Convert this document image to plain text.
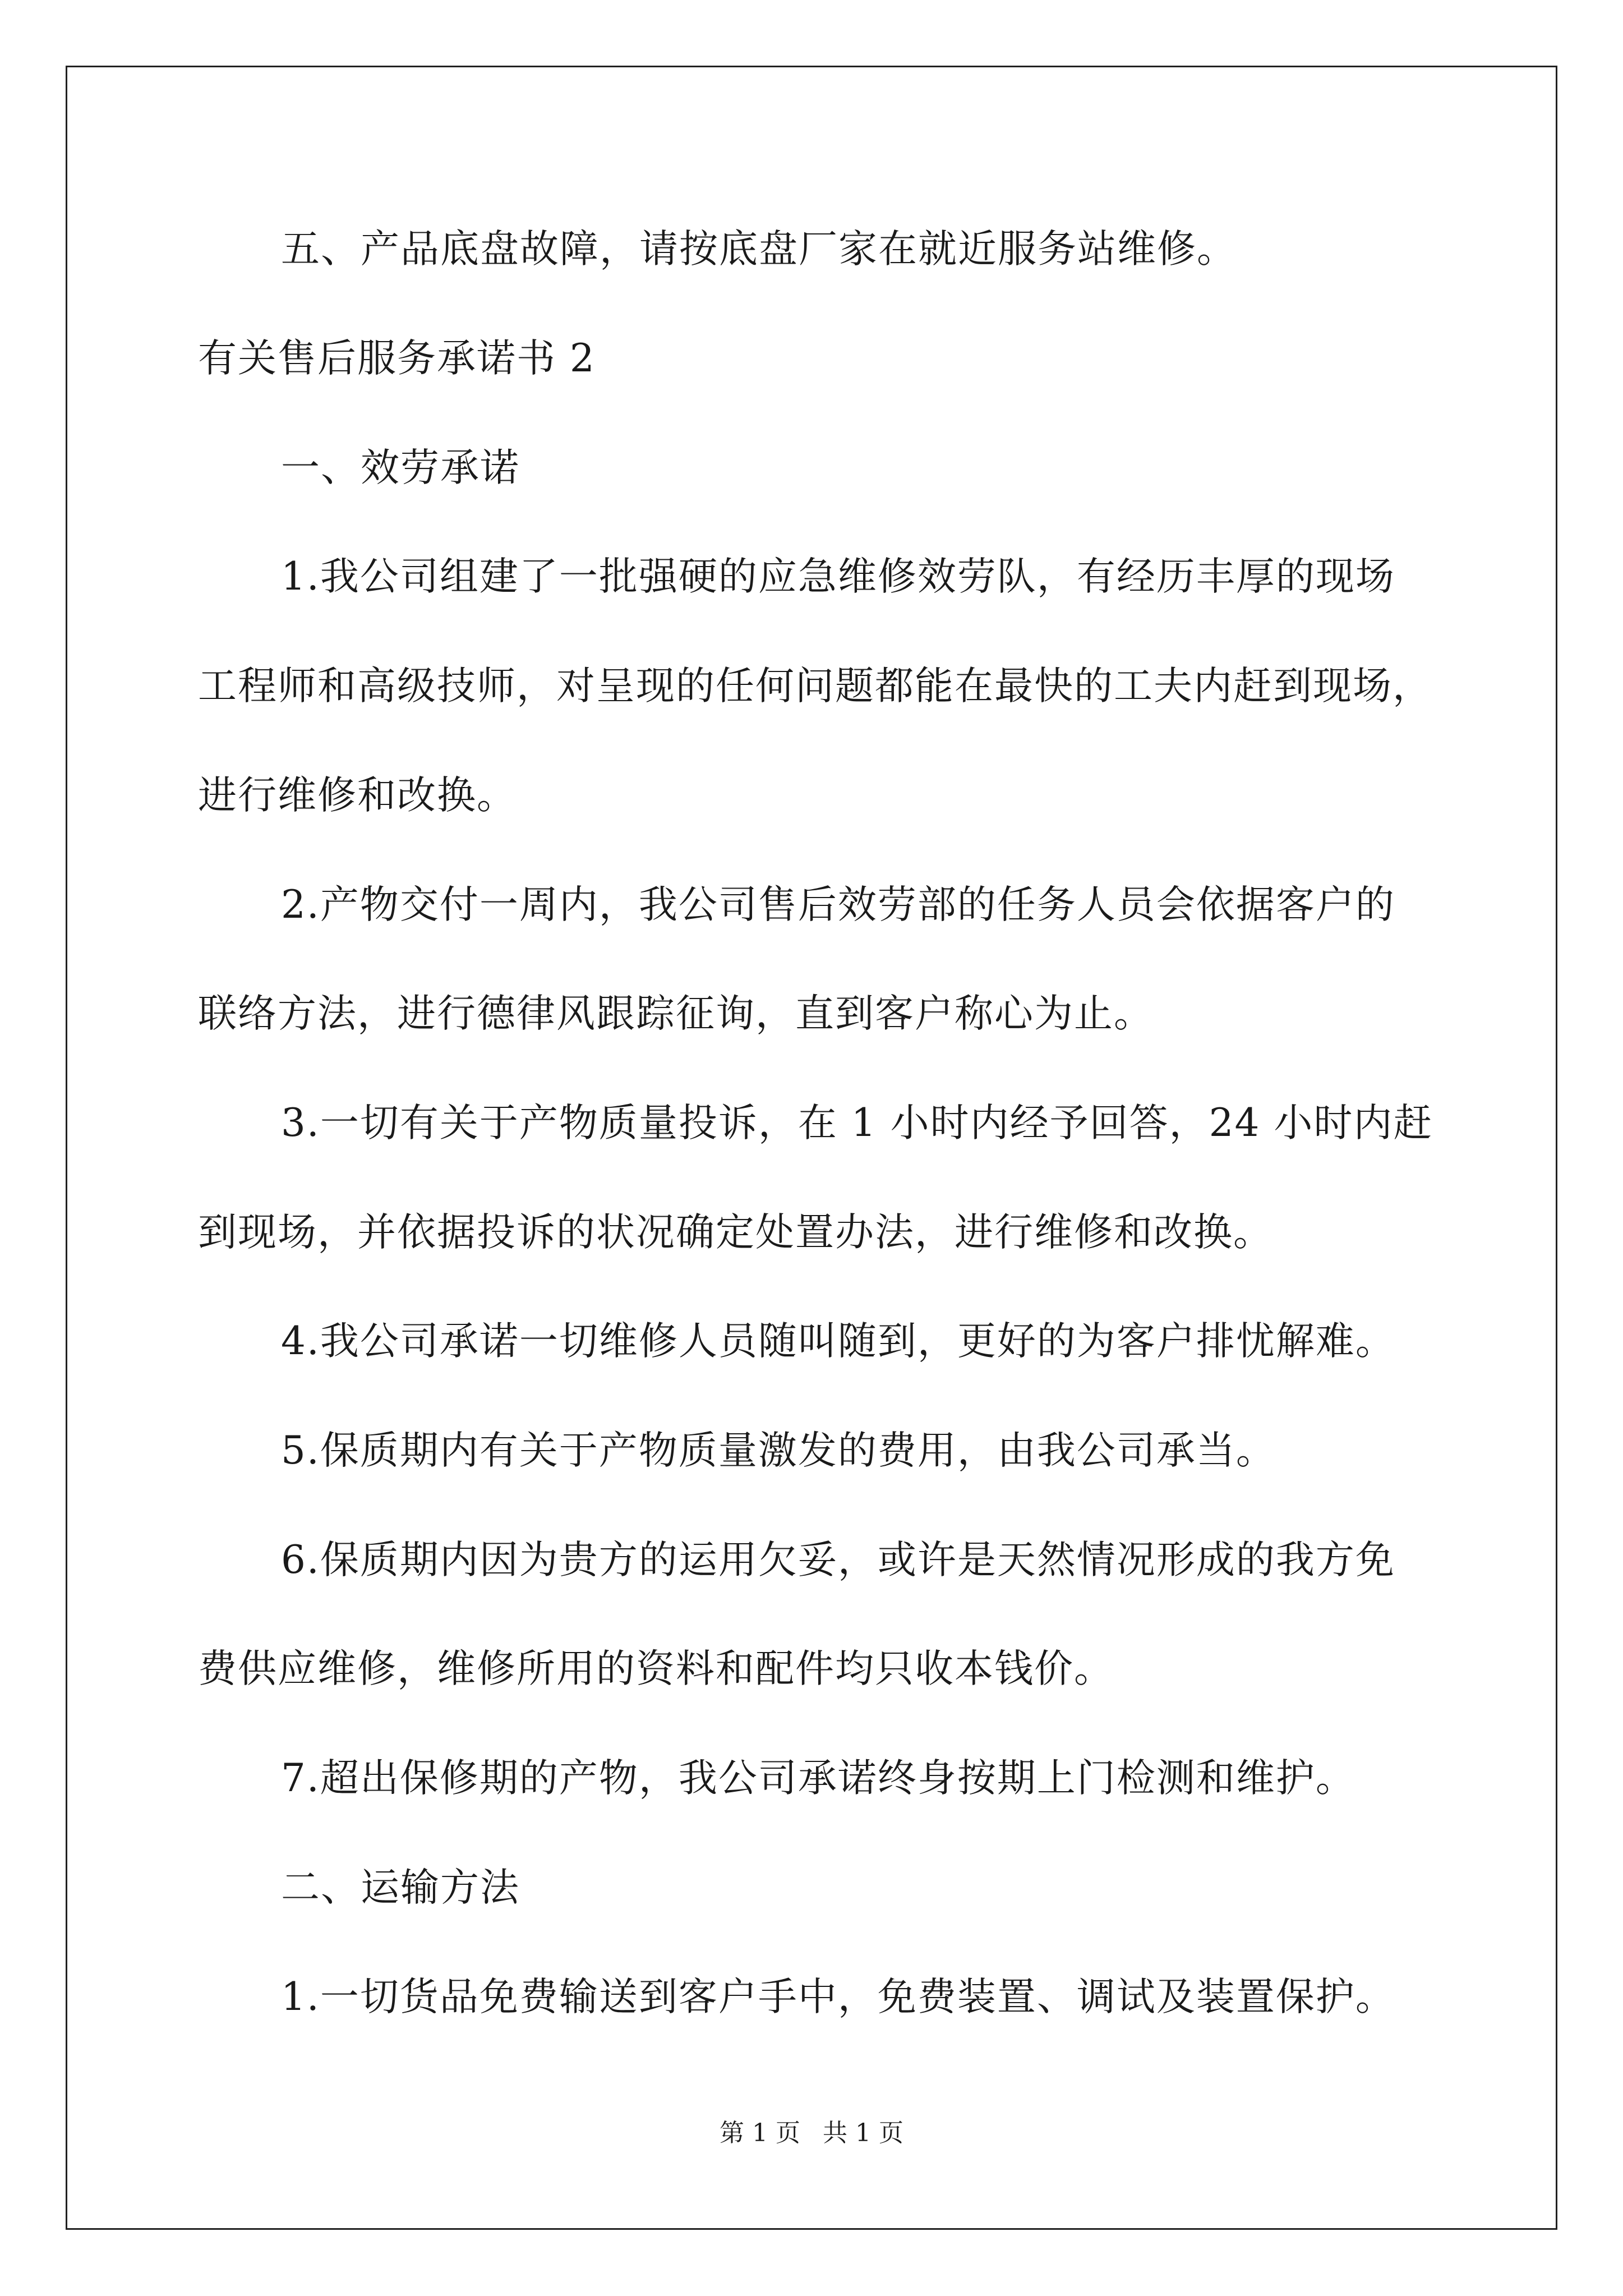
五、产品底盘故障，请按底盘厂家在就近服务站维修。
有关售后服务承诺书 2
一、效劳承诺
1.我公司组建了一批强硬的应急维修效劳队，有经历丰厚的现场
工程师和高级技师，对呈现的任何问题都能在最快的工夫内赶到现场，
进行维修和改换。
2.产物交付一周内，我公司售后效劳部的任务人员会依据客户的
联络方法，进行德律风跟踪征询，直到客户称心为止。
3.一切有关于产物质量投诉，在 1 小时内经予回答，24 小时内赶
到现场，并依据投诉的状况确定处置办法，进行维修和改换。
4.我公司承诺一切维修人员随叫随到，更好的为客户排忧解难。
5.保质期内有关于产物质量激发的费用，由我公司承当。
6.保质期内因为贵方的运用欠妥，或许是天然情况形成的我方免
费供应维修，维修所用的资料和配件均只收本钱价。
7.超出保修期的产物，我公司承诺终身按期上门检测和维护。
二、运输方法
1.一切货品免费输送到客户手中，免费装置、调试及装置保护。
第 1 页 共 1 页
